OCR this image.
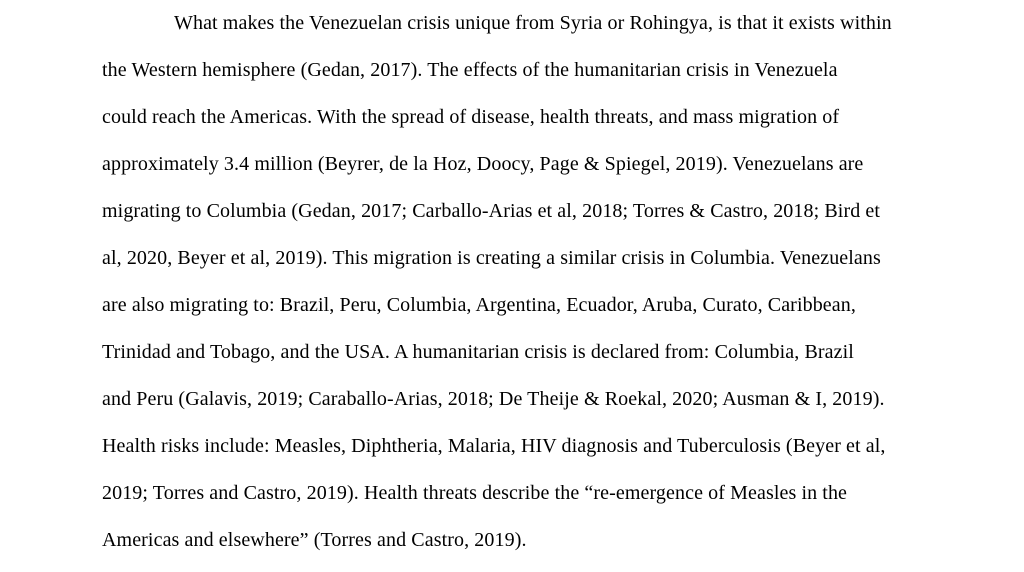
What makes the Venezuelan crisis unique from Syria or Rohingya, is that it exists within
the Western hemisphere (Gedan, 2017). The effects of the humanitarian crisis in Venezuela
could reach the Americas. With the spread of disease, health threats, and mass migration of
approximately 3.4 million (Beyrer, de la Hoz, Doocy, Page & Spiegel, 2019). Venezuelans are
migrating to Columbia (Gedan, 2017; Carballo-Arias et al, 2018; Torres & Castro, 2018; Bird et
al, 2020, Beyer et al, 2019). This migration is creating a similar crisis in Columbia. Venezuelans
are also migrating to: Brazil, Peru, Columbia, Argentina, Ecuador, Aruba, Curato, Caribbean,
Trinidad and Tobago, and the USA. A humanitarian crisis is declared from: Columbia, Brazil
and Peru (Galavis, 2019; Caraballo-Arias, 2018; De Theije & Roekal, 2020; Ausman & I, 2019).
Health risks include: Measles, Diphtheria, Malaria, HIV diagnosis and Tuberculosis (Beyer et al,
2019; Torres and Castro, 2019). Health threats describe the “re-emergence of Measles in the
Americas and elsewhere” (Torres and Castro, 2019).
